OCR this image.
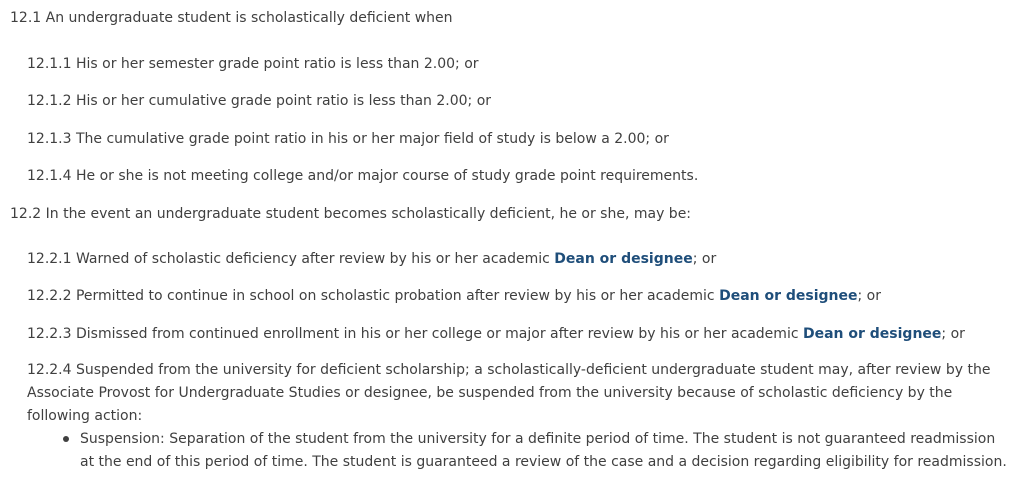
12.1 An undergraduate student is scholastically deficient when
12.1.1 His or her semester grade point ratio is less than 2.00; or
12.1.2 His or her cumulative grade point ratio is less than 2.00; or
12.1.3 The cumulative grade point ratio in his or her major field of study is below a 2.00; or
12.1.4 He or she is not meeting college and/or major course of study grade point requirements.
12.2 In the event an undergraduate student becomes scholastically deficient, he or she, may be:
12.2.1 Warned of scholastic deficiency after review by his or her academic Dean or designee; or
12.2.2 Permitted to continue in school on scholastic probation after review by his or her academic Dean or designee; or
12.2.3 Dismissed from continued enrollment in his or her college or major after review by his or her academic Dean or designee; or
12.2.4 Suspended from the university for deficient scholarship; a scholastically-deficient undergraduate student may, after review by the Associate Provost for Undergraduate Studies or designee, be suspended from the university because of scholastic deficiency by the following action:
Suspension: Separation of the student from the university for a definite period of time. The student is not guaranteed readmission at the end of this period of time. The student is guaranteed a review of the case and a decision regarding eligibility for readmission.
